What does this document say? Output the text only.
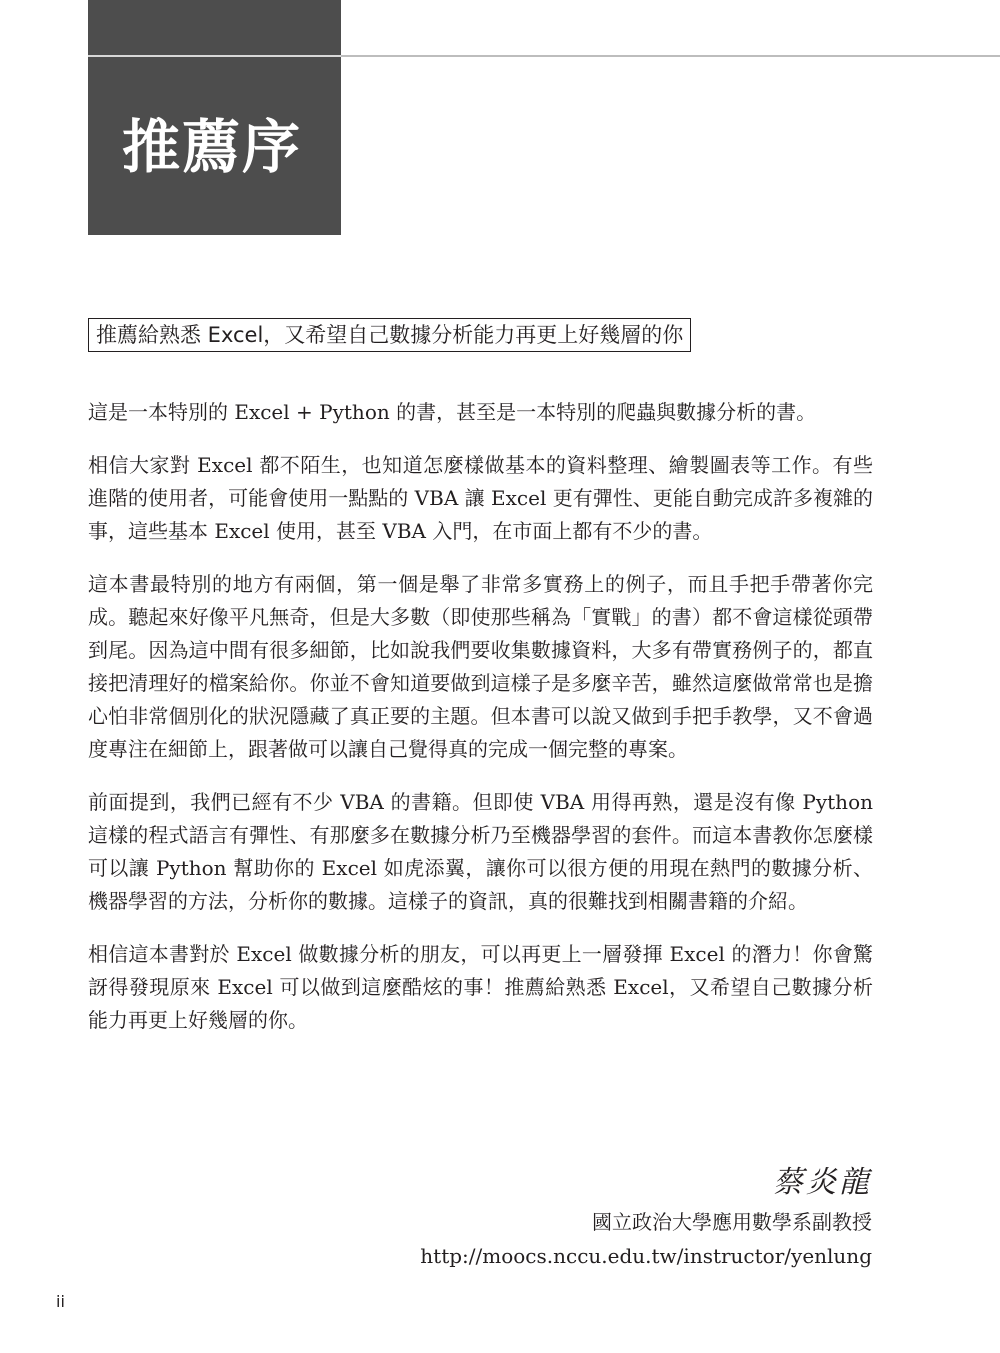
推薦序
推薦給熟悉 Excel，又希望自己數據分析能力再更上好幾層的你

這是一本特別的 Excel + Python 的書，甚至是一本特別的爬蟲與數據分析的書。

相信大家對 Excel 都不陌生，也知道怎麼樣做基本的資料整理、繪製圖表等工作。有些進階的使用者，可能會使用一點點的 VBA 讓 Excel 更有彈性、更能自動完成許多複雜的事，這些基本 Excel 使用，甚至 VBA 入門，在市面上都有不少的書。

這本書最特別的地方有兩個，第一個是舉了非常多實務上的例子，而且手把手帶著你完成。聽起來好像平凡無奇，但是大多數（即使那些稱為「實戰」的書）都不會這樣從頭帶到尾。因為這中間有很多細節，比如說我們要收集數據資料，大多有帶實務例子的，都直接把清理好的檔案給你。你並不會知道要做到這樣子是多麼辛苦，雖然這麼做常常也是擔心怕非常個別化的狀況隱藏了真正要的主題。但本書可以說又做到手把手教學，又不會過度專注在細節上，跟著做可以讓自己覺得真的完成一個完整的專案。

前面提到，我們已經有不少 VBA 的書籍。但即使 VBA 用得再熟，還是沒有像 Python 這樣的程式語言有彈性、有那麼多在數據分析乃至機器學習的套件。而這本書教你怎麼樣可以讓 Python 幫助你的 Excel 如虎添翼，讓你可以很方便的用現在熱門的數據分析、機器學習的方法，分析你的數據。這樣子的資訊，真的很難找到相關書籍的介紹。

相信這本書對於 Excel 做數據分析的朋友，可以再更上一層發揮 Excel 的潛力！你會驚訝得發現原來 Excel 可以做到這麼酷炫的事！推薦給熟悉 Excel，又希望自己數據分析能力再更上好幾層的你。

蔡炎龍
國立政治大學應用數學系副教授
http://moocs.nccu.edu.tw/instructor/yenlung
ii
